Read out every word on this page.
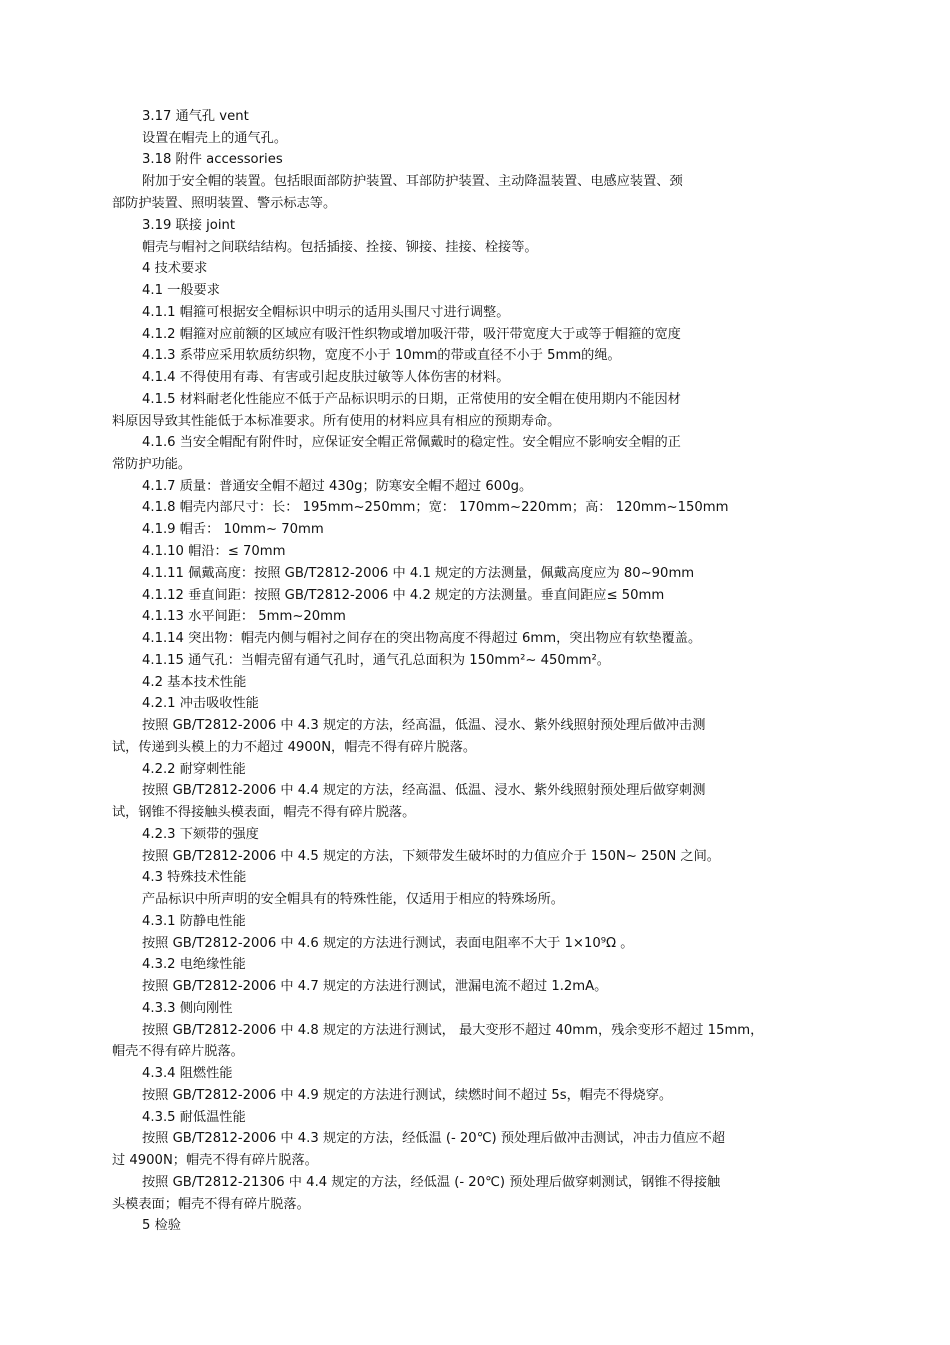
3.17 通气孔 vent
设置在帽壳上的通气孔。
3.18 附件 accessories
附加于安全帽的装置。包括眼面部防护装置、耳部防护装置、主动降温装置、电感应装置、颈
部防护装置、照明装置、警示标志等。
3.19 联接 joint
帽壳与帽衬之间联结结构。包括插接、拴接、铆接、挂接、栓接等。
4 技术要求
4.1 一般要求
4.1.1 帽箍可根据安全帽标识中明示的适用头围尺寸进行调整。
4.1.2 帽箍对应前额的区域应有吸汗性织物或增加吸汗带，吸汗带宽度大于或等于帽箍的宽度
4.1.3 系带应采用软质纺织物，宽度不小于 10mm的带或直径不小于 5mm的绳。
4.1.4 不得使用有毒、有害或引起皮肤过敏等人体伤害的材料。
4.1.5 材料耐老化性能应不低于产品标识明示的日期，正常使用的安全帽在使用期内不能因材
料原因导致其性能低于本标准要求。所有使用的材料应具有相应的预期寿命。
4.1.6 当安全帽配有附件时，应保证安全帽正常佩戴时的稳定性。安全帽应不影响安全帽的正
常防护功能。
4.1.7 质量：普通安全帽不超过 430g；防寒安全帽不超过 600g。
4.1.8 帽壳内部尺寸：长： 195mm~250mm；宽： 170mm~220mm；高： 120mm~150mm
4.1.9 帽舌： 10mm~ 70mm
4.1.10 帽沿：≤ 70mm
4.1.11 佩戴高度：按照 GB/T2812-2006 中 4.1 规定的方法测量，佩戴高度应为 80~90mm
4.1.12 垂直间距：按照 GB/T2812-2006 中 4.2 规定的方法测量。垂直间距应≤ 50mm
4.1.13 水平间距： 5mm~20mm
4.1.14 突出物：帽壳内侧与帽衬之间存在的突出物高度不得超过 6mm，突出物应有软垫覆盖。
4.1.15 通气孔：当帽壳留有通气孔时，通气孔总面积为 150mm²~ 450mm²。
4.2 基本技术性能
4.2.1 冲击吸收性能
按照 GB/T2812-2006 中 4.3 规定的方法，经高温，低温、浸水、紫外线照射预处理后做冲击测
试，传递到头模上的力不超过 4900N，帽壳不得有碎片脱落。
4.2.2 耐穿刺性能
按照 GB/T2812-2006 中 4.4 规定的方法，经高温、低温、浸水、紫外线照射预处理后做穿刺测
试，钢锥不得接触头模表面，帽壳不得有碎片脱落。
4.2.3 下颏带的强度
按照 GB/T2812-2006 中 4.5 规定的方法，下颏带发生破坏时的力值应介于 150N~ 250N 之间。
4.3 特殊技术性能
产品标识中所声明的安全帽具有的特殊性能，仅适用于相应的特殊场所。
4.3.1 防静电性能
按照 GB/T2812-2006 中 4.6 规定的方法进行测试，表面电阻率不大于 1×10⁹Ω 。
4.3.2 电绝缘性能
按照 GB/T2812-2006 中 4.7 规定的方法进行测试，泄漏电流不超过 1.2mA。
4.3.3 侧向刚性
按照 GB/T2812-2006 中 4.8 规定的方法进行测试， 最大变形不超过 40mm，残余变形不超过 15mm，
帽壳不得有碎片脱落。
4.3.4 阻燃性能
按照 GB/T2812-2006 中 4.9 规定的方法进行测试，续燃时间不超过 5s，帽壳不得烧穿。
4.3.5 耐低温性能
按照 GB/T2812-2006 中 4.3 规定的方法，经低温 (- 20℃) 预处理后做冲击测试，冲击力值应不超
过 4900N；帽壳不得有碎片脱落。
按照 GB/T2812-21306 中 4.4 规定的方法，经低温 (- 20℃) 预处理后做穿刺测试，钢锥不得接触
头模表面；帽壳不得有碎片脱落。
5 检验
